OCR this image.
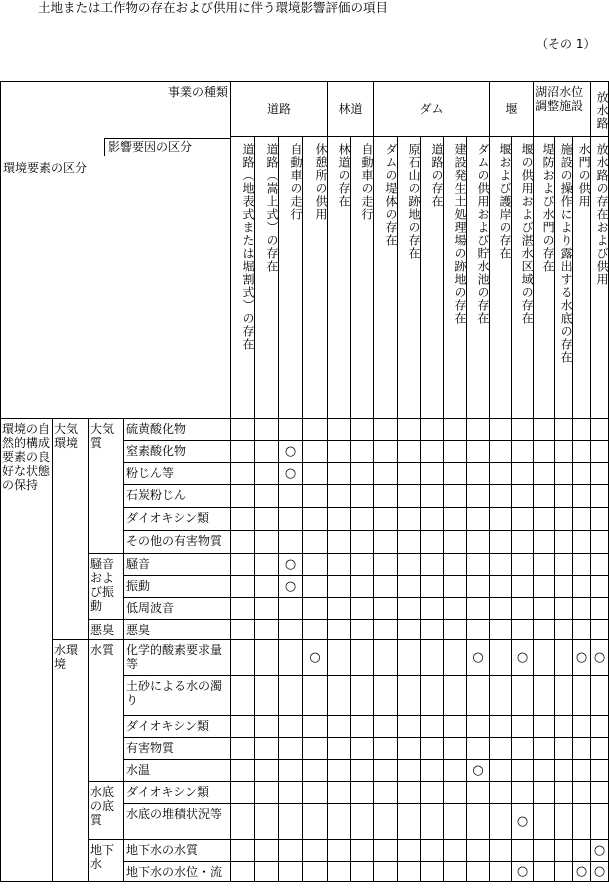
土地または工作物の存在および供用に伴う環境影響評価の項目
（その 1）
事業の種類
影響要因の区分
環境要素の区分				道路				林道		ダム					堰		湖沼水位調整施設			放水路
				道路（地表式または堀割式）の存在	道路（嵩上式）の存在	自動車の走行	休憩所の供用	林道の存在	自動車の走行	ダムの堤体の存在	原石山の跡地の存在	道路の存在	建設発生土処理場の跡地の存在	ダムの供用および貯水池の存在	堰および護岸の存在	堰の供用および湛水区域の存在	堤防および水門の存在	施設の操作により露出する水底の存在	水門の供用	放水路の存在および供用
環境の自然的構成要素の良好な状態の保持	大気環境	大気質	硫黄酸化物																	
			窒素酸化物			○														
			粉じん等			○														
			石炭粉じん																	
			ダイオキシン類																	
			その他の有害物質																	
		騒音および振動	騒音			○														
			振動			○														
			低周波音																	
		悪臭	悪臭																	
	水環境	水質	化学的酸素要求量等				○							○		○			○	○
			土砂による水の濁り																	
			ダイオキシン類																	
			有害物質																	
			水温											○						
		水底の底質	ダイオキシン類																	
			水底の堆積状況等													○				
		地下水	地下水の水質																	○
			地下水の水位・流													○			○	○
